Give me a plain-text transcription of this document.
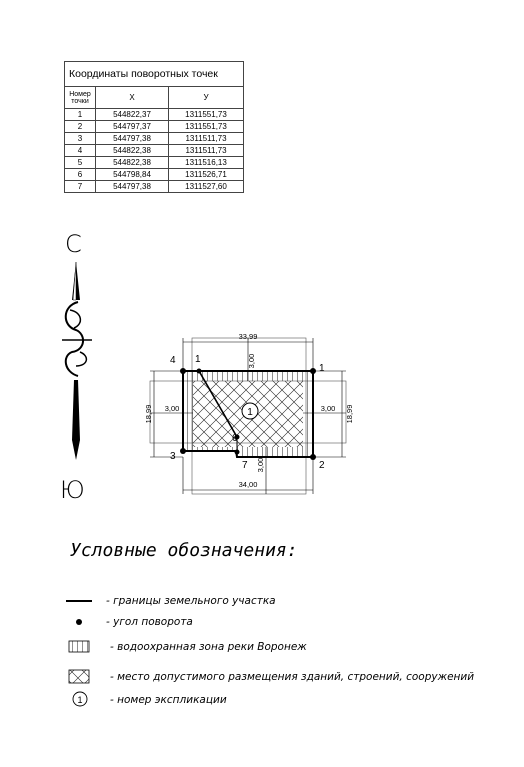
Координаты поворотных точек		
Номер точки	X	У
1	544822,37	1311551,73
2	544797,37	1311551,73
3	544797,38	1311511,73
4	544822,38	1311511,73
5	544822,38	1311516,13
6	544798,84	1311526,71
7	544797,38	1311527,60
С
Ю
33,99
34,00
18,99	18,99
3,00
3,00
3,00	3,00
1
2
3
4 1
6
7
1
Условные обозначения:
- границы земельного участка
- угол поворота
- водоохранная зона реки Воронеж
- место допустимого размещения зданий, строений, сооружений
1	- номер экспликации
